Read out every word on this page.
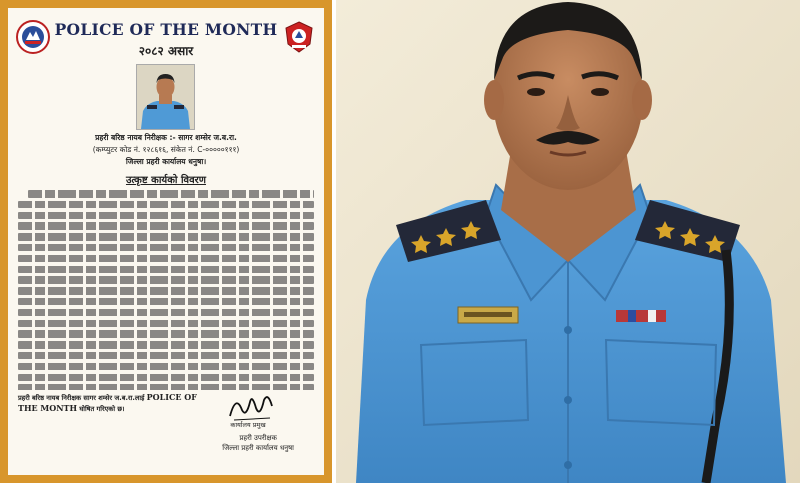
POLICE OF THE MONTH
२०८२ असार
प्रहरी बरिष्ठ नायब निरीक्षक :- सागर शम्सेर ज.ब.रा.
(कम्प्युटर कोड नं. १२८६१६, संकेत नं. C-०००००१११)
जिल्ला प्रहरी कार्यालय धनुषा।
उत्कृष्ट कार्यको विवरण
प्रहरी बरिष्ठ नायब निरीक्षक सागर शम्सेर ज.ब.रा.लाई POLICE OF THE MONTH घोषित गरिएको छ।
कार्यालय प्रमुख
प्रहरी उपरीक्षक
जिल्ला प्रहरी कार्यालय धनुषा
